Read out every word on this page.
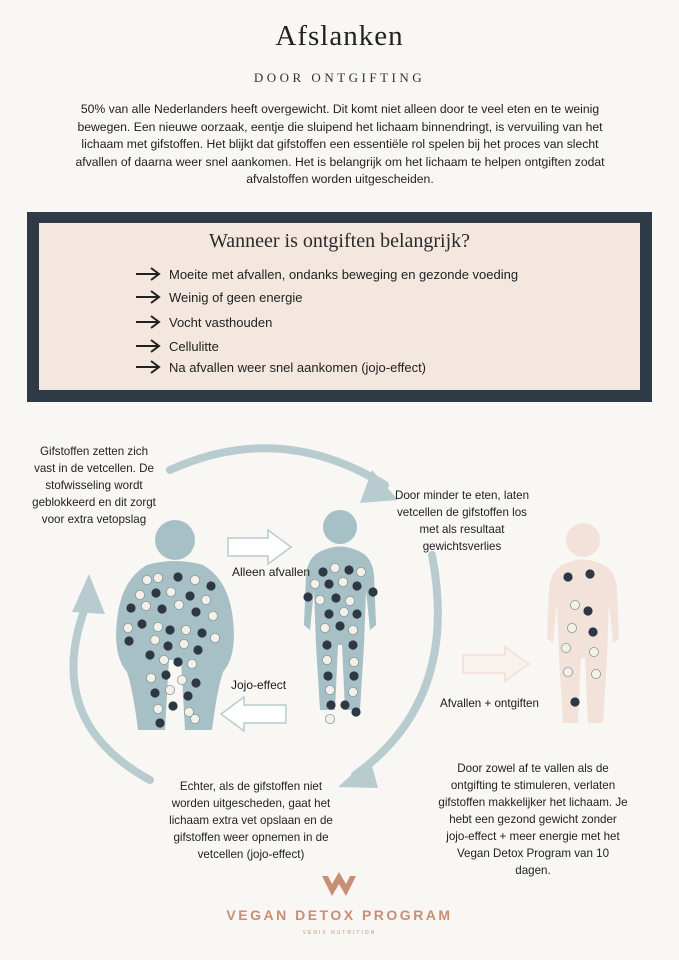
Afslanken
DOOR ONTGIFTING
50% van alle Nederlanders heeft overgewicht. Dit komt niet alleen door te veel eten en te weinig bewegen. Een nieuwe oorzaak, eentje die sluipend het lichaam binnendringt, is vervuiling van het lichaam met gifstoffen. Het blijkt dat gifstoffen een essentiële rol spelen bij het proces van slecht afvallen of daarna weer snel aankomen. Het is belangrijk om het lichaam te helpen ontgiften zodat afvalstoffen worden uitgescheiden.
Wanneer is ontgiften belangrijk?
Moeite met afvallen, ondanks beweging en gezonde voeding
Weinig of geen energie
Vocht vasthouden
Cellulitte
Na afvallen weer snel aankomen (jojo-effect)
Gifstoffen zetten zich vast in de vetcellen. De stofwisseling wordt geblokkeerd en dit zorgt voor extra vetopslag
Door minder te eten, laten vetcellen de gifstoffen los met als resultaat gewichtsverlies
Echter, als de gifstoffen niet worden uitgescheden, gaat het lichaam extra vet opslaan en de gifstoffen weer opnemen in de vetcellen (jojo-effect)
Door zowel af te vallen als de ontgifting te stimuleren, verlaten gifstoffen makkelijker het lichaam. Je hebt een gezond gewicht zonder jojo-effect + meer energie met het Vegan Detox Program van 10 dagen.
Alleen afvallen
Jojo-effect
Afvallen + ontgiften
VEGAN DETOX PROGRAM
VENIX NUTRITION
